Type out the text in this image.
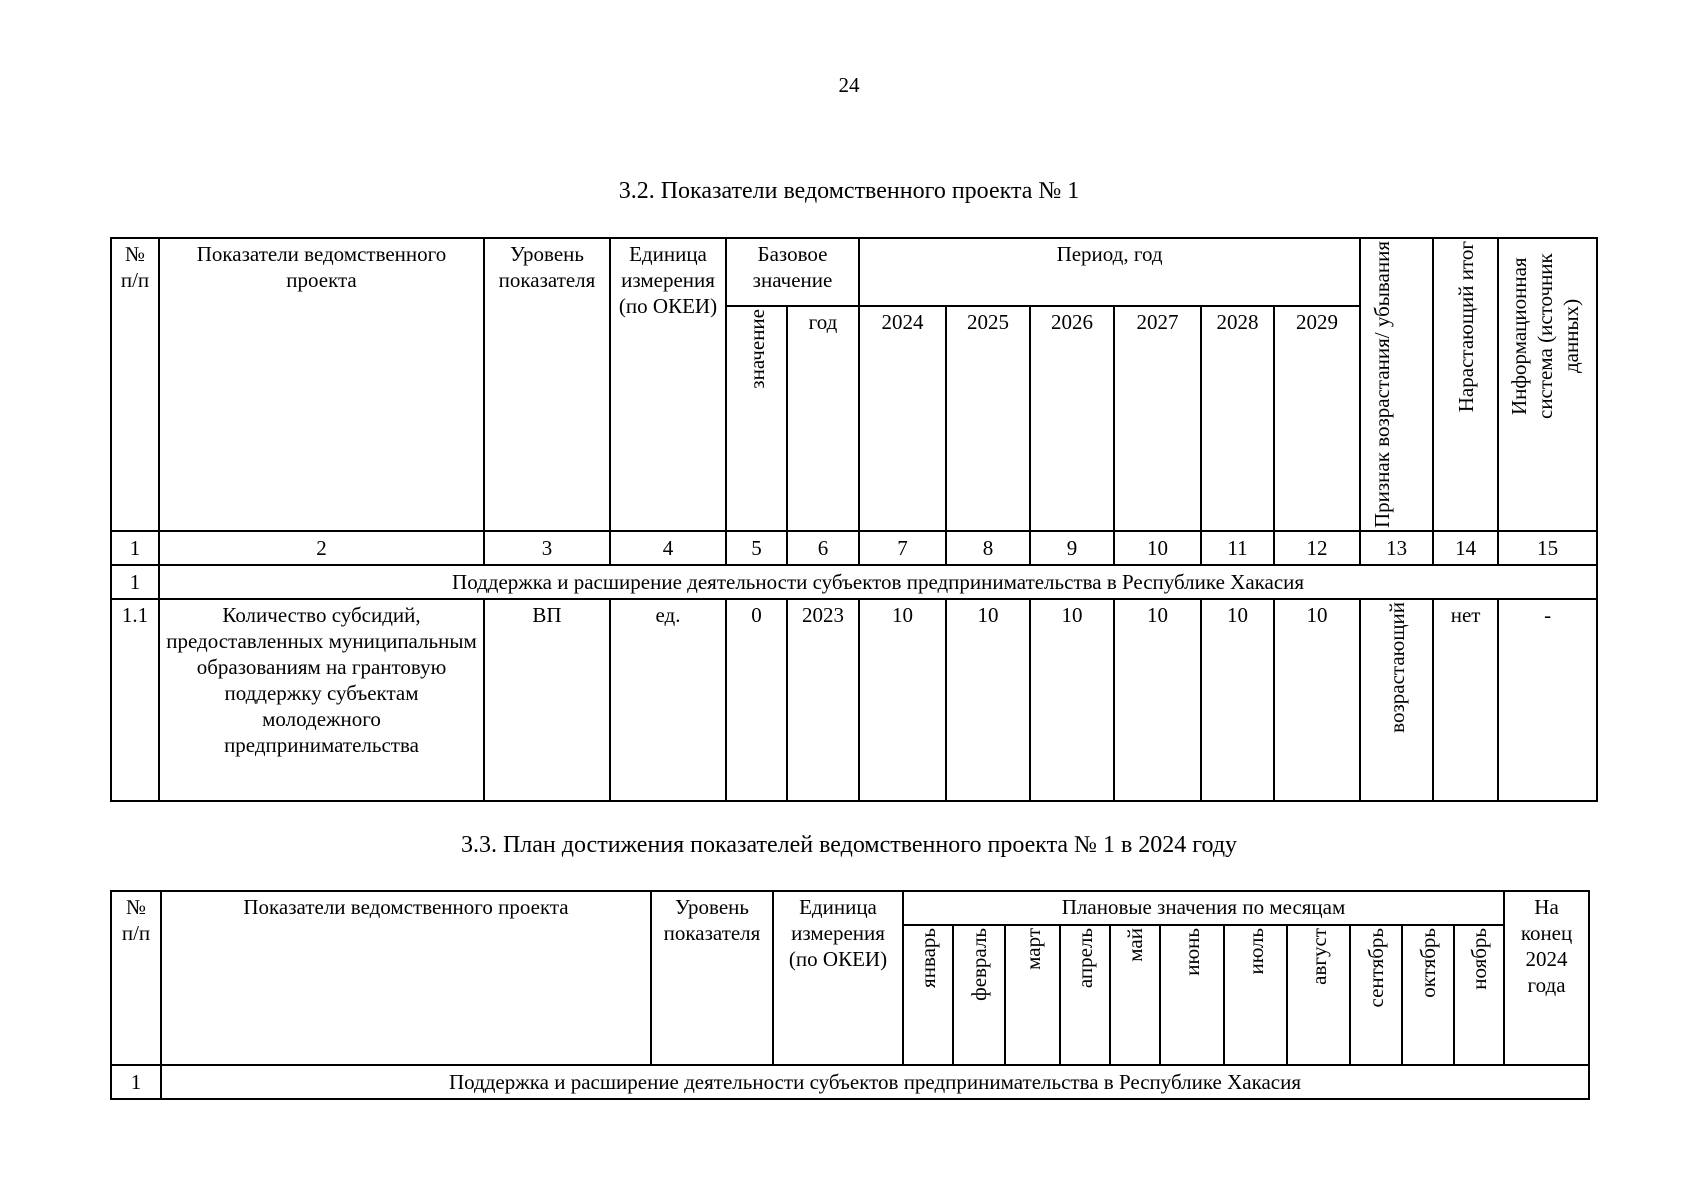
24
3.2. Показатели ведомственного проекта № 1
№ п/п	Показатели ведомственного проекта	Уровень показателя	Единица измерения (по ОКЕИ)	Базовое значение		Период, год						Признак возрастания/ убывания	Нарастающий итог	Информационная система (источник данных)

				значение	год	2024	2025	2026	2027	2028	2029			
1	2	3	4	5	6	7	8	9	10	11	12	13	14	15
1	Поддержка и расширение деятельности субъектов предпринимательства в Республике Хакасия													
1.1	Количество субсидий, предоставленных муниципальным образованиям на грантовую поддержку субъектам молодежного предпринимательства	ВП	ед.	0	2023	10	10	10	10	10	10	возрастающий	нет	-
3.3. План достижения показателей ведомственного проекта № 1 в 2024 году
№ п/п	Показатели ведомственного проекта	Уровень показателя	Единица измерения (по ОКЕИ)	Плановые значения по месяцам											На конец 2024 года

				январь	февраль	март	апрель	май	июнь	июль	август	сентябрь	октябрь	ноябрь	

1	Поддержка и расширение деятельности субъектов предпринимательства в Республике Хакасия														
